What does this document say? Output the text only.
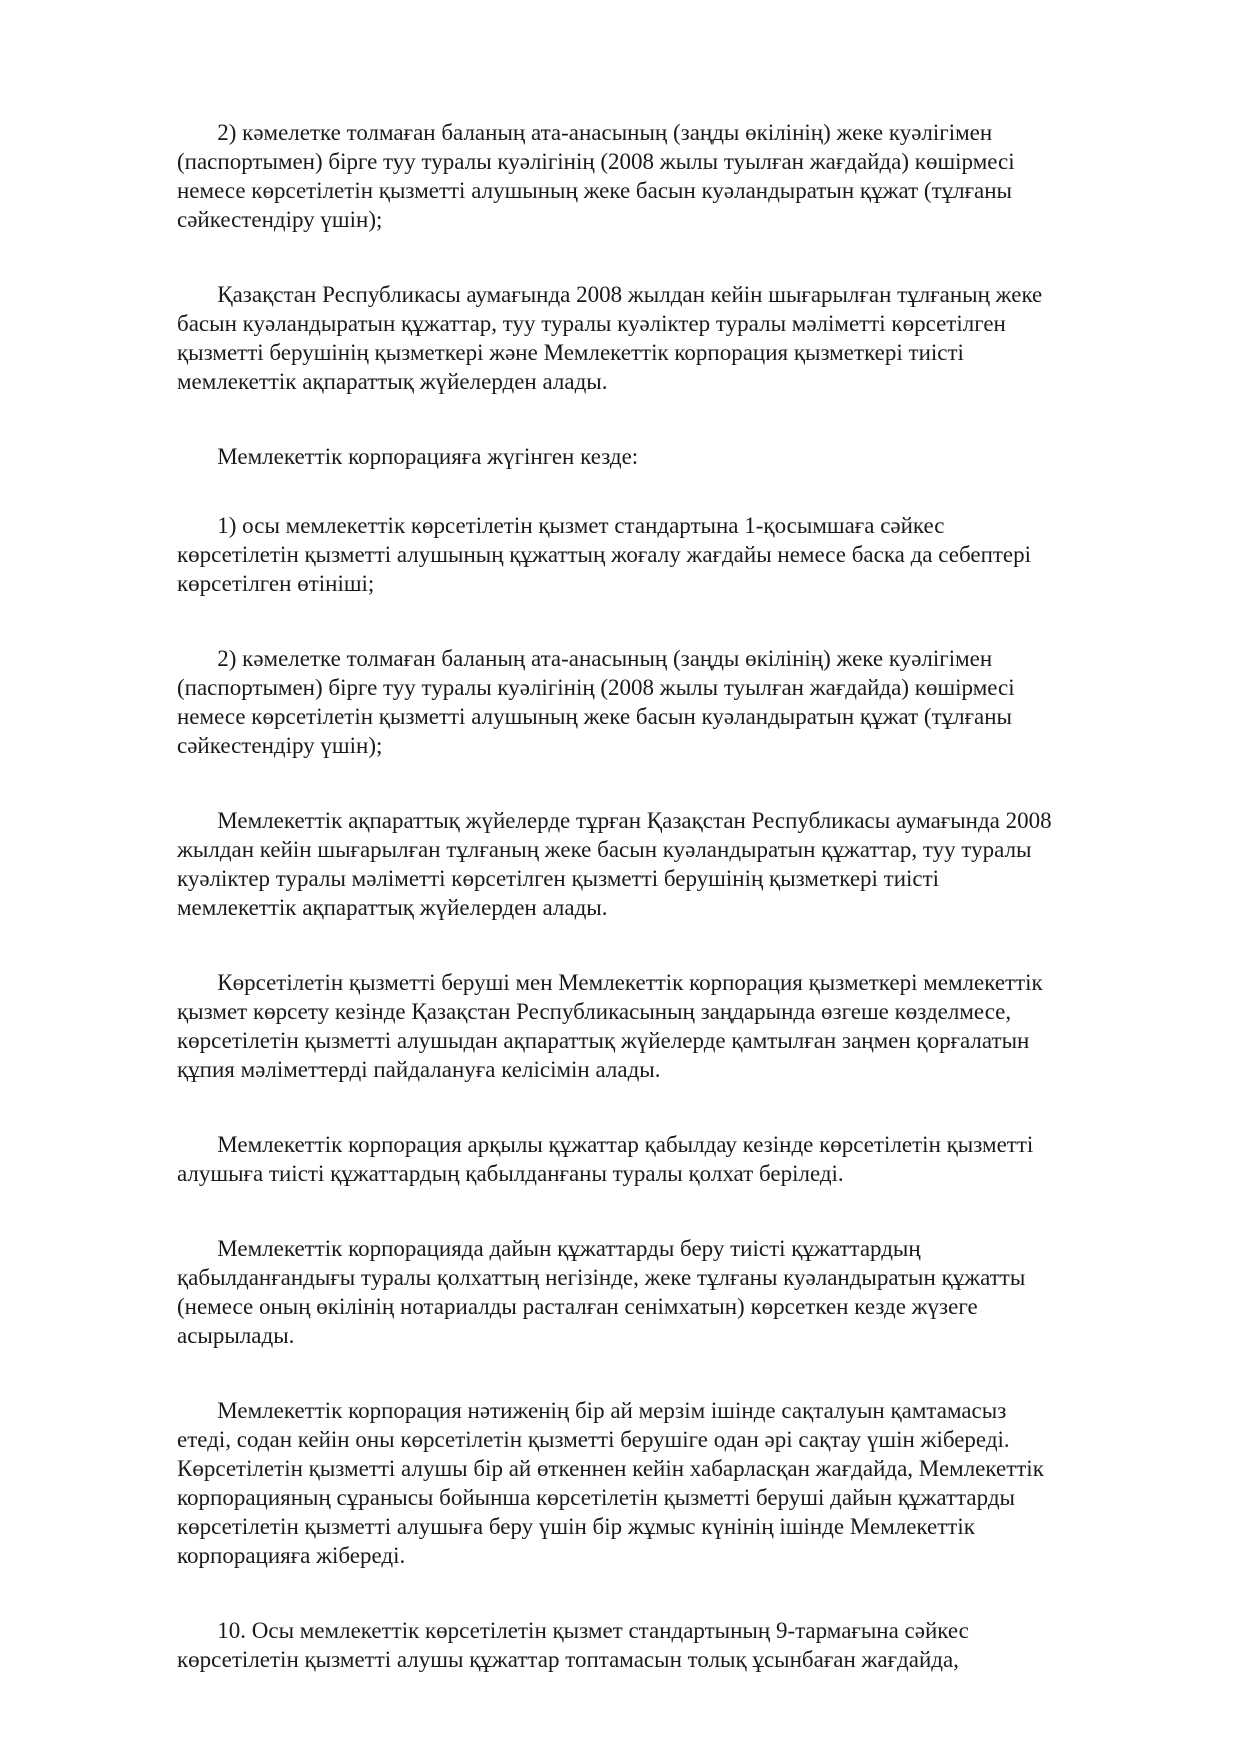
2) кәмелетке толмаған баланың ата-анасының (заңды өкілінің) жеке куәлігімен
(паспортымен) бірге туу туралы куәлігінің (2008 жылы туылған жағдайда) көшірмесі
немесе көрсетілетін қызметті алушының жеке басын куәландыратын құжат (тұлғаны
сәйкестендіру үшін);

Қазақстан Республикасы аумағында 2008 жылдан кейін шығарылған тұлғаның жеке
басын куәландыратын құжаттар, туу туралы куәліктер туралы мәліметті көрсетілген
қызметті берушінің қызметкері және Мемлекеттік корпорация қызметкері тиісті
мемлекеттік ақпараттық жүйелерден алады.

Мемлекеттік корпорацияға жүгінген кезде:

1) осы мемлекеттік көрсетілетін қызмет стандартына 1-қосымшаға сәйкес
көрсетілетін қызметті алушының құжаттың жоғалу жағдайы немесе баска да себептері
көрсетілген өтініші;

2) кәмелетке толмаған баланың ата-анасының (заңды өкілінің) жеке куәлігімен
(паспортымен) бірге туу туралы куәлігінің (2008 жылы туылған жағдайда) көшірмесі
немесе көрсетілетін қызметті алушының жеке басын куәландыратын құжат (тұлғаны
сәйкестендіру үшін);

Мемлекеттік ақпараттық жүйелерде тұрған Қазақстан Республикасы аумағында 2008
жылдан кейін шығарылған тұлғаның жеке басын куәландыратын құжаттар, туу туралы
куәліктер туралы мәліметті көрсетілген қызметті берушінің қызметкері тиісті
мемлекеттік ақпараттық жүйелерден алады.

Көрсетілетін қызметті беруші мен Мемлекеттік корпорация қызметкері мемлекеттік
қызмет көрсету кезінде Қазақстан Республикасының заңдарында өзгеше көзделмесе,
көрсетілетін қызметті алушыдан ақпараттық жүйелерде қамтылған заңмен қорғалатын
құпия мәліметтерді пайдалануға келісімін алады.

Мемлекеттік корпорация арқылы құжаттар қабылдау кезінде көрсетілетін қызметті
алушыға тиісті құжаттардың қабылданғаны туралы қолхат беріледі.

Мемлекеттік корпорацияда дайын құжаттарды беру тиісті құжаттардың
қабылданғандығы туралы қолхаттың негізінде, жеке тұлғаны куәландыратын құжатты
(немесе оның өкілінің нотариалды расталған сенімхатын) көрсеткен кезде жүзеге
асырылады.

Мемлекеттік корпорация нәтиженің бір ай мерзім ішінде сақталуын қамтамасыз
етеді, содан кейін оны көрсетілетін қызметті берушіге одан әрі сақтау үшін жібереді.
Көрсетілетін қызметті алушы бір ай өткеннен кейін хабарласқан жағдайда, Мемлекеттік
корпорацияның сұранысы бойынша көрсетілетін қызметті беруші дайын құжаттарды
көрсетілетін қызметті алушыға беру үшін бір жұмыс күнінің ішінде Мемлекеттік
корпорацияға жібереді.

10. Осы мемлекеттік көрсетілетін қызмет стандартының 9-тармағына сәйкес
көрсетілетін қызметті алушы құжаттар топтамасын толық ұсынбаған жағдайда,
